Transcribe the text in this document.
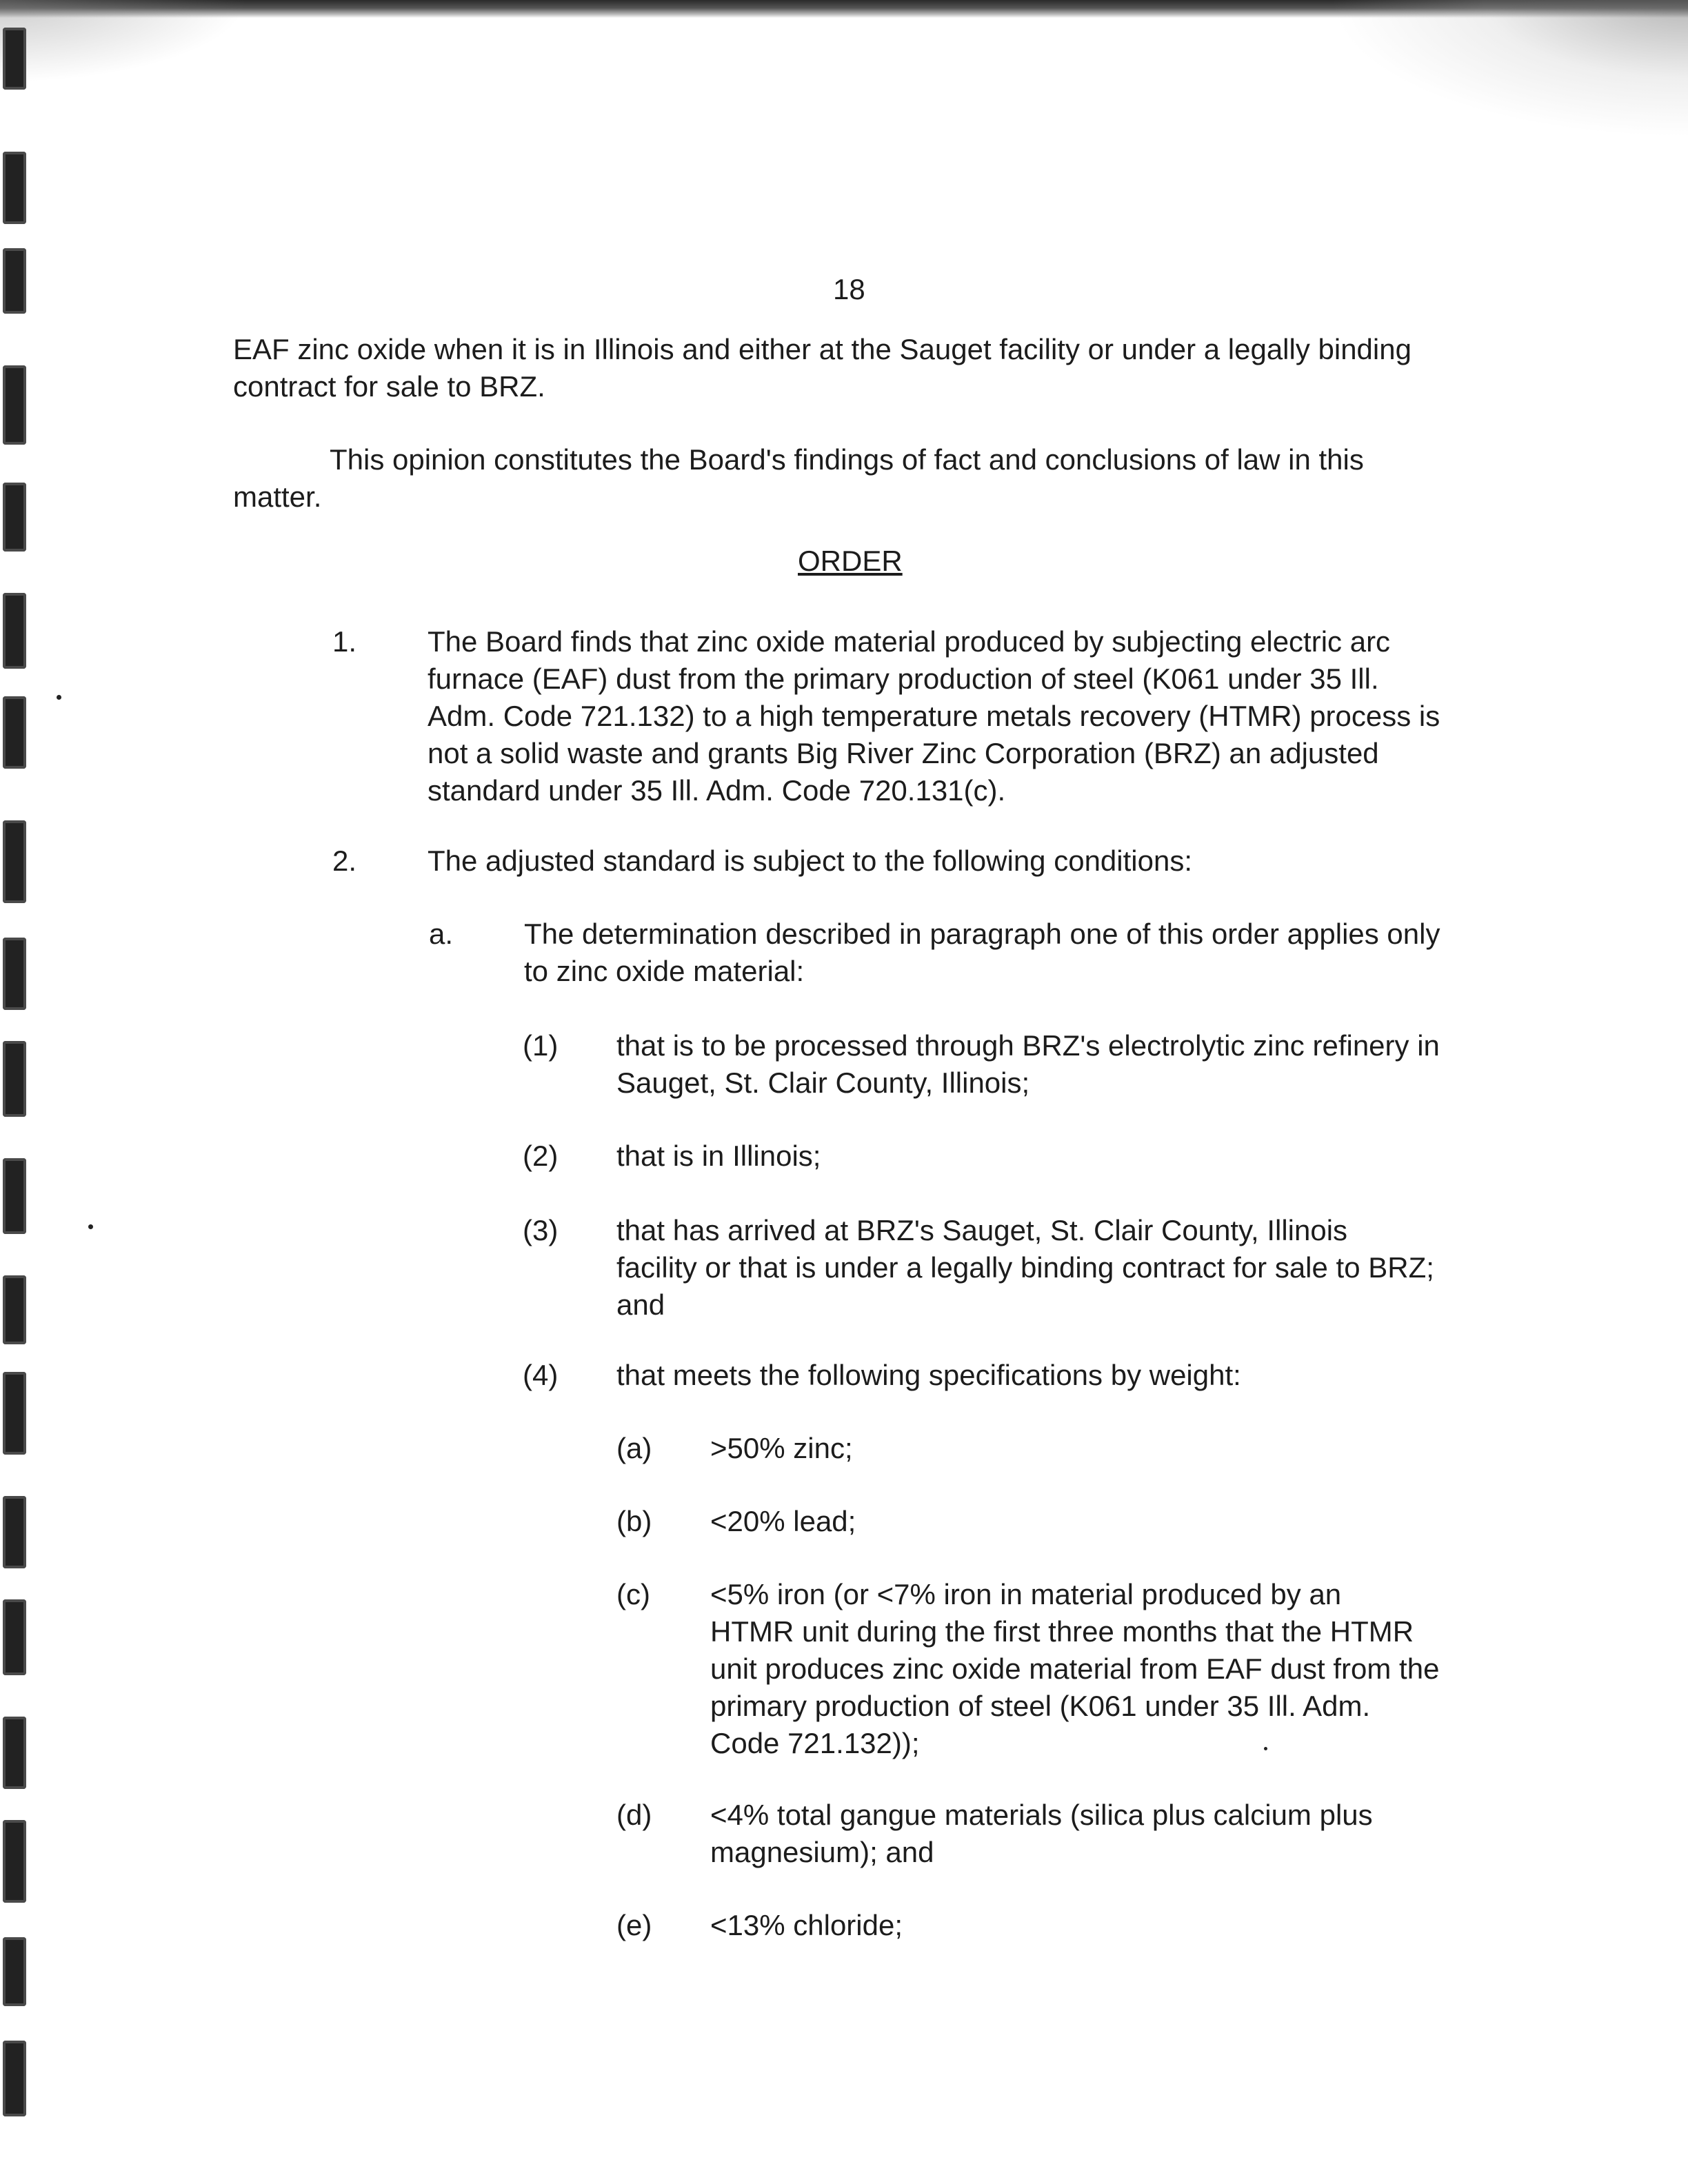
18
EAF zinc oxide when it is in Illinois and either at the Sauget facility or under a legally binding
contract for sale to BRZ.
This opinion constitutes the Board's findings of fact and conclusions of law in this
matter.
ORDER
1. The Board finds that zinc oxide material produced by subjecting electric arc
furnace (EAF) dust from the primary production of steel (K061 under 35 Ill.
Adm. Code 721.132) to a high temperature metals recovery (HTMR) process is
not a solid waste and grants Big River Zinc Corporation (BRZ) an adjusted
standard under 35 Ill. Adm. Code 720.131(c).
2. The adjusted standard is subject to the following conditions:
a. The determination described in paragraph one of this order applies only
to zinc oxide material:
(1) that is to be processed through BRZ's electrolytic zinc refinery in
Sauget, St. Clair County, Illinois;
(2) that is in Illinois;
(3) that has arrived at BRZ's Sauget, St. Clair County, Illinois
facility or that is under a legally binding contract for sale to BRZ;
and
(4) that meets the following specifications by weight:
(a) >50% zinc;
(b) <20% lead;
(c) <5% iron (or <7% iron in material produced by an
HTMR unit during the first three months that the HTMR
unit produces zinc oxide material from EAF dust from the
primary production of steel (K061 under 35 Ill. Adm.
Code 721.132));
(d) <4% total gangue materials (silica plus calcium plus
magnesium); and
(e) <13% chloride;
